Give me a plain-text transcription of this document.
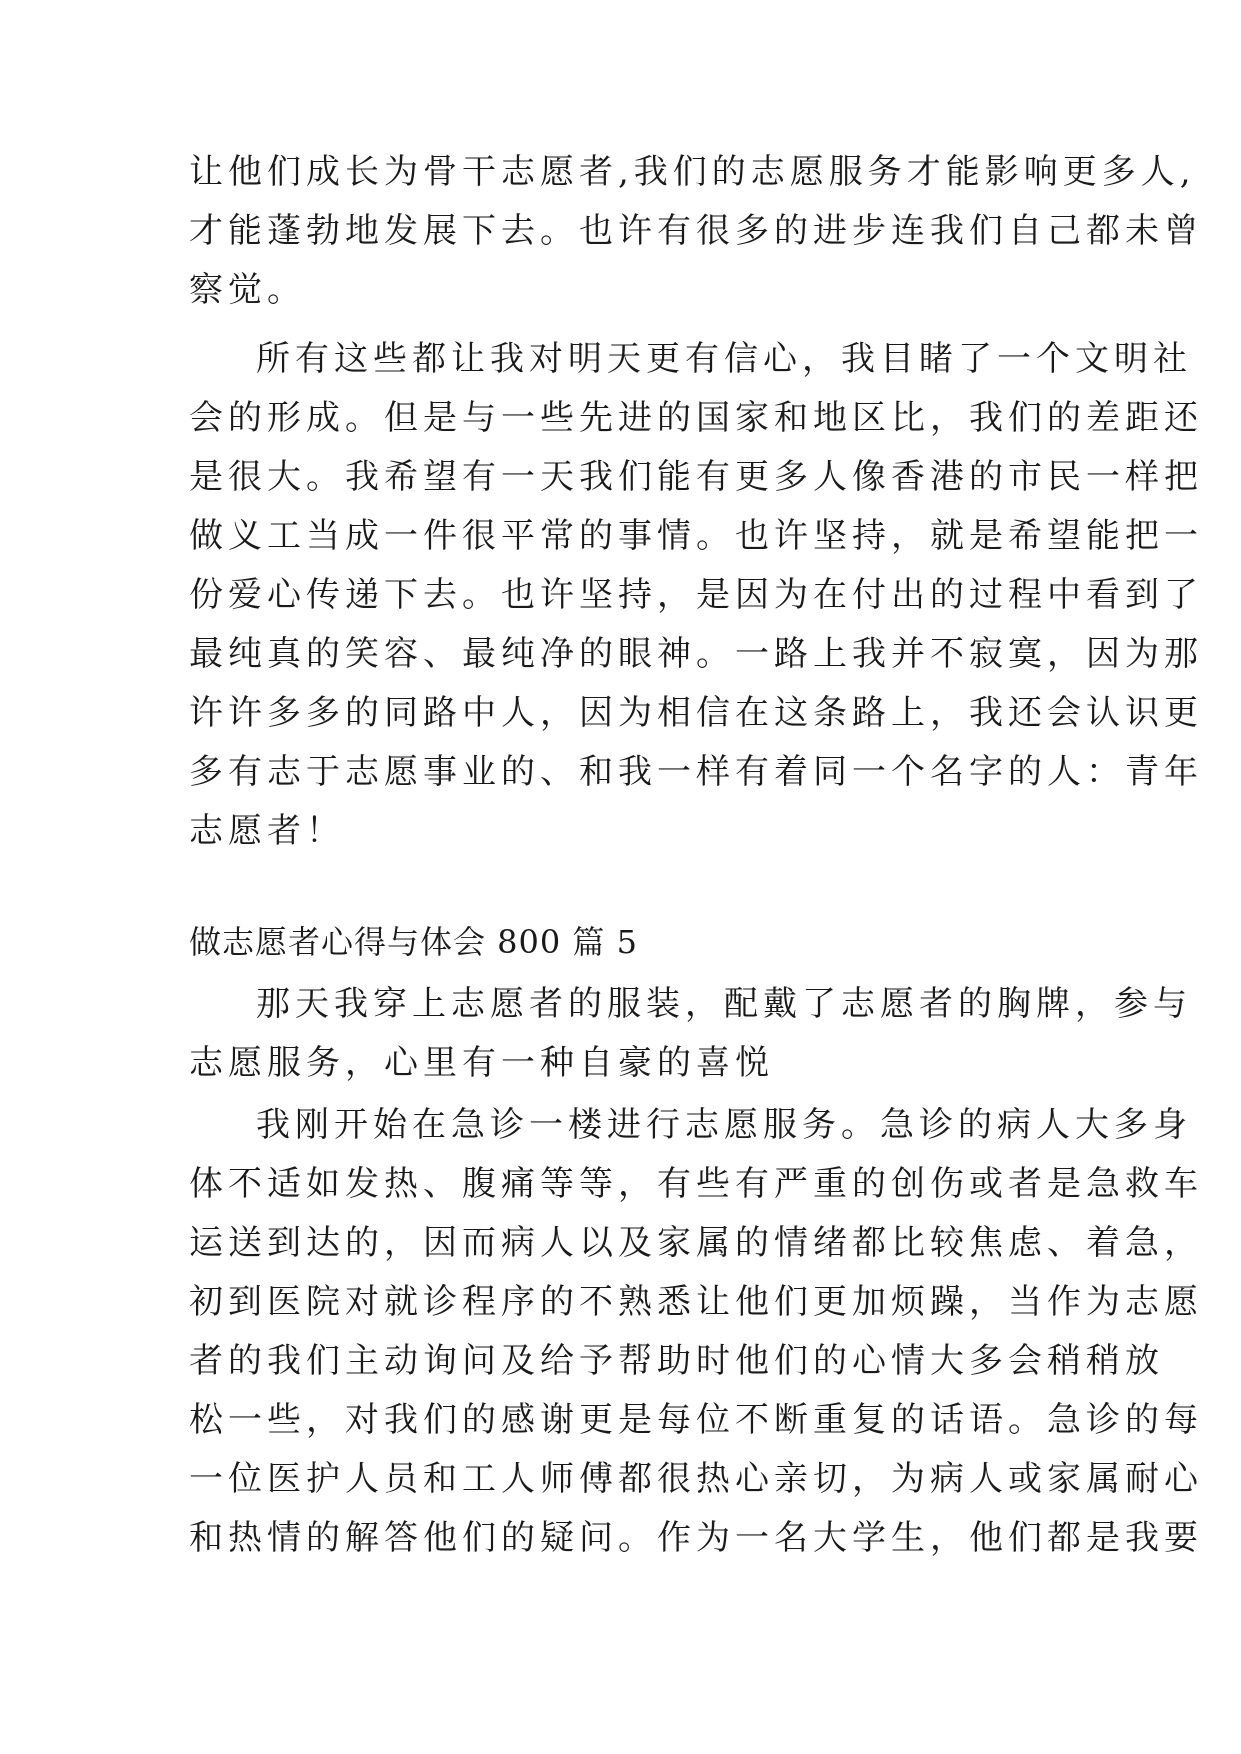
让他们成长为骨干志愿者,我们的志愿服务才能影响更多人,
才能蓬勃地发展下去。也许有很多的进步连我们自己都未曾
察觉。
所有这些都让我对明天更有信心，我目睹了一个文明社
会的形成。但是与一些先进的国家和地区比，我们的差距还
是很大。我希望有一天我们能有更多人像香港的市民一样把
做义工当成一件很平常的事情。也许坚持，就是希望能把一
份爱心传递下去。也许坚持，是因为在付出的过程中看到了
最纯真的笑容、最纯净的眼神。一路上我并不寂寞，因为那
许许多多的同路中人，因为相信在这条路上，我还会认识更
多有志于志愿事业的、和我一样有着同一个名字的人：青年
志愿者！
做志愿者心得与体会 800 篇 5
那天我穿上志愿者的服装，配戴了志愿者的胸牌，参与
志愿服务，心里有一种自豪的喜悦
我刚开始在急诊一楼进行志愿服务。急诊的病人大多身
体不适如发热、腹痛等等，有些有严重的创伤或者是急救车
运送到达的，因而病人以及家属的情绪都比较焦虑、着急，
初到医院对就诊程序的不熟悉让他们更加烦躁，当作为志愿
者的我们主动询问及给予帮助时他们的心情大多会稍稍放
松一些，对我们的感谢更是每位不断重复的话语。急诊的每
一位医护人员和工人师傅都很热心亲切，为病人或家属耐心
和热情的解答他们的疑问。作为一名大学生，他们都是我要
